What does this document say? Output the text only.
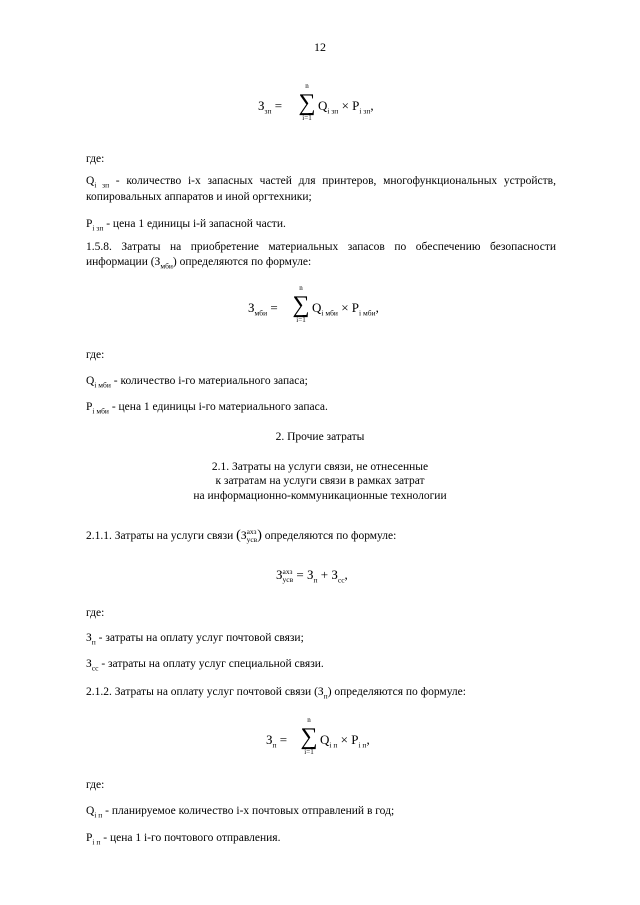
12
$З_{зп}$ =
n
∑
i=1
$Q_{i зп} \times P_{i зп}$,
где:
$Q_{i зп}$ - количество i-х запасных частей для принтеров, многофункциональных устройств, копировальных аппаратов и иной оргтехники;
$P_{i зп}$ - цена 1 единицы i-й запасной части.
1.5.8. Затраты на приобретение материальных запасов по обеспечению безопасности информации $(З_{мби})$ определяются по формуле:
$З_{мби}$ =
n
∑
i=1
$Q_{i мби} \times P_{i мби}$,
где:
$Q_{i мби}$ - количество i-го материального запаса;
$P_{i мби}$ - цена 1 единицы i-го материального запаса.
2. Прочие затраты
2.1. Затраты на услуги связи, не отнесенные
к затратам на услуги связи в рамках затрат
на информационно-коммуникационные технологии
2.1.1. Затраты на услуги связи (З ахз
усв ) определяются по формуле:
З ахз
усв = $З_п + З_{сс}$,
где:
$З_п$ - затраты на оплату услуг почтовой связи;
$З_{сс}$ - затраты на оплату услуг специальной связи.
2.1.2. Затраты на оплату услуг почтовой связи $(З_п)$ определяются по формуле:
$З_п$ =
n
∑
i=1
$Q_{i п} \times P_{i п}$,
где:
$Q_{i п}$ - планируемое количество i-х почтовых отправлений в год;
$P_{i п}$ - цена 1 i-го почтового отправления.
